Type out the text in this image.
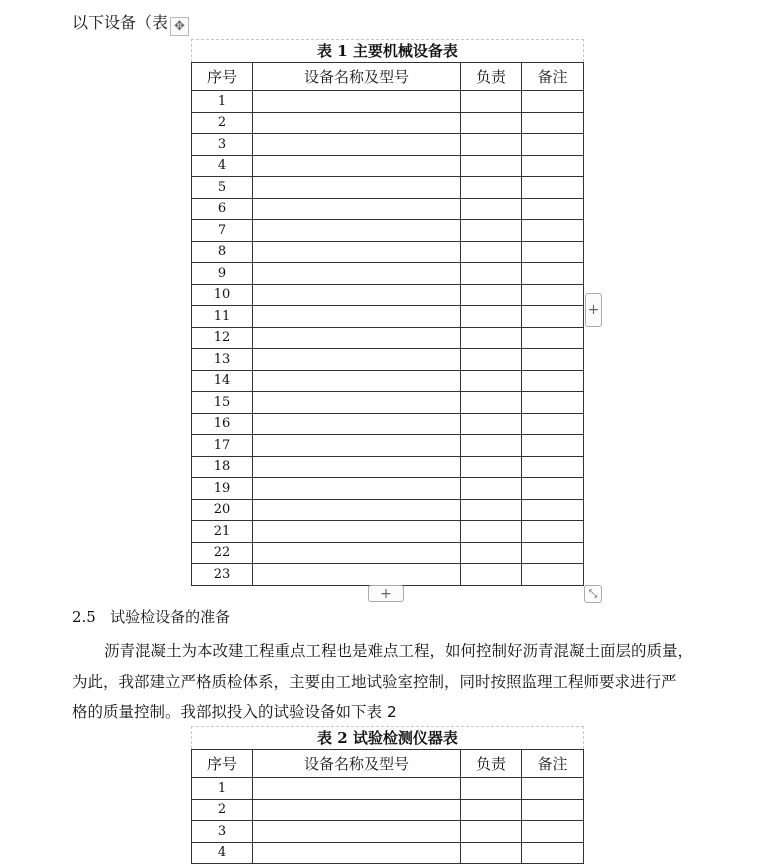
以下设备（表 ✥
表 1 主要机械设备表
序号	设备名称及型号	负责	备注
1			
2			
3			
4			
5			
6			
7			
8			
9			
10			
11			
12			
13			
14			
15			
16			
17			
18			
19			
20			
21			
22			
23			
+
+	⤡
2.5   试验检设备的准备

沥青混凝土为本改建工程重点工程也是难点工程，如何控制好沥青混凝土面层的质量，

为此，我部建立严格质检体系，主要由工地试验室控制，同时按照监理工程师要求进行严

格的质量控制。我部拟投入的试验设备如下表 2

表 2 试验检测仪器表
序号	设备名称及型号	负责	备注
1			
2			
3			
4			
